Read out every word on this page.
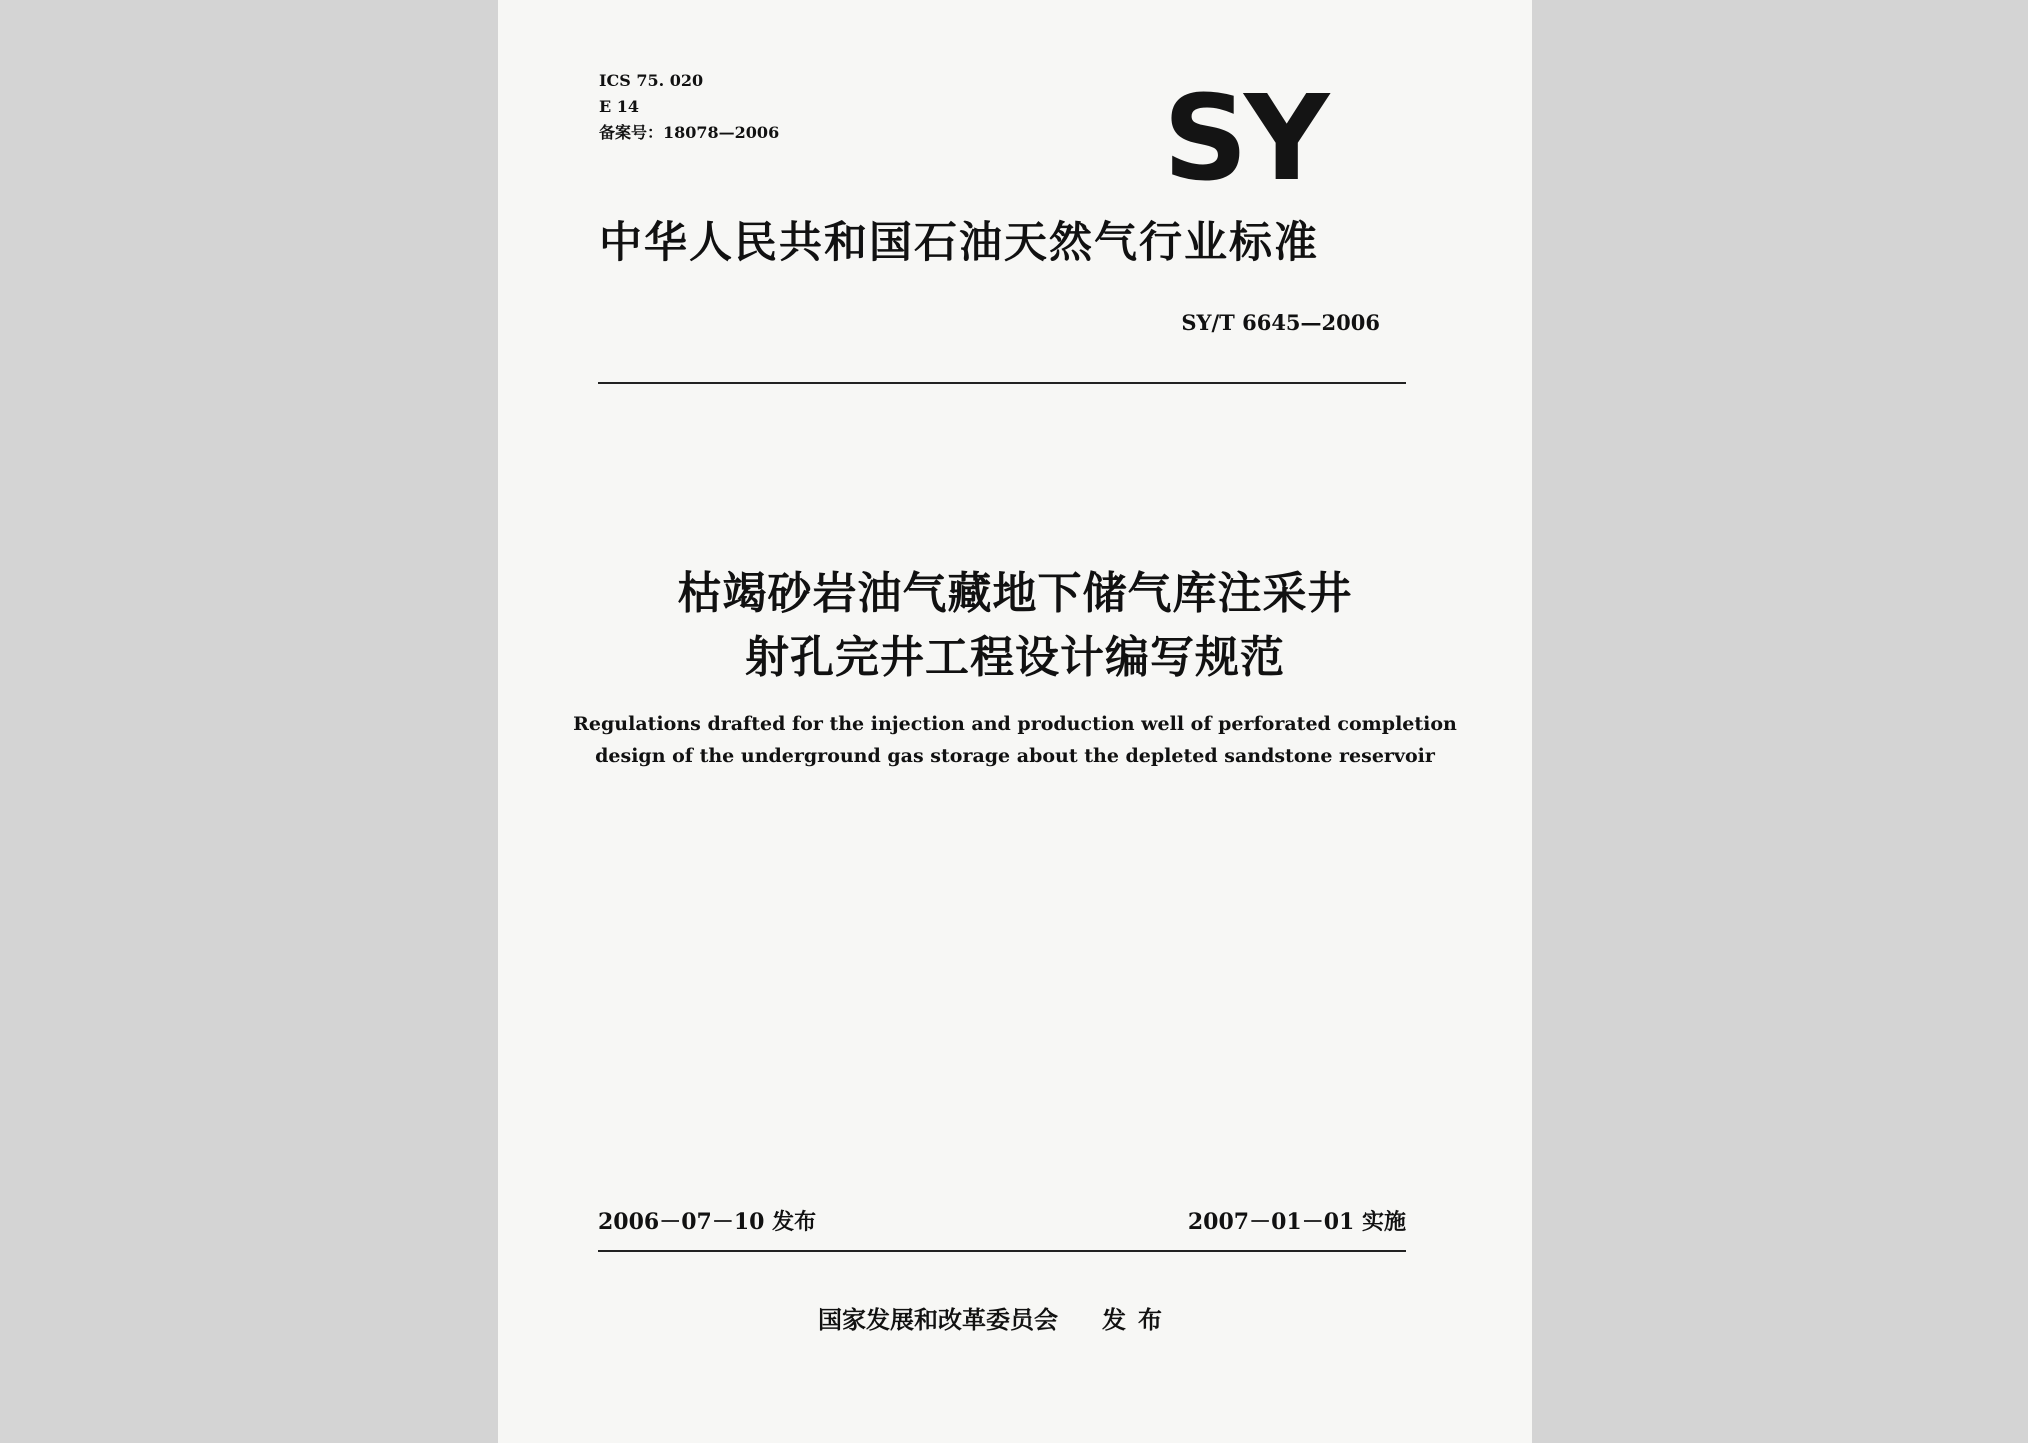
ICS 75. 020
E 14
备案号：18078—2006	SY
中华人民共和国石油天然气行业标准
SY/T 6645—2006
枯竭砂岩油气藏地下储气库注采井
射孔完井工程设计编写规范
Regulations drafted for the injection and production well of perforated completion
design of the underground gas storage about the depleted sandstone reservoir
2006－07－10 发布	2007－01－01 实施
国家发展和改革委员会 发布
